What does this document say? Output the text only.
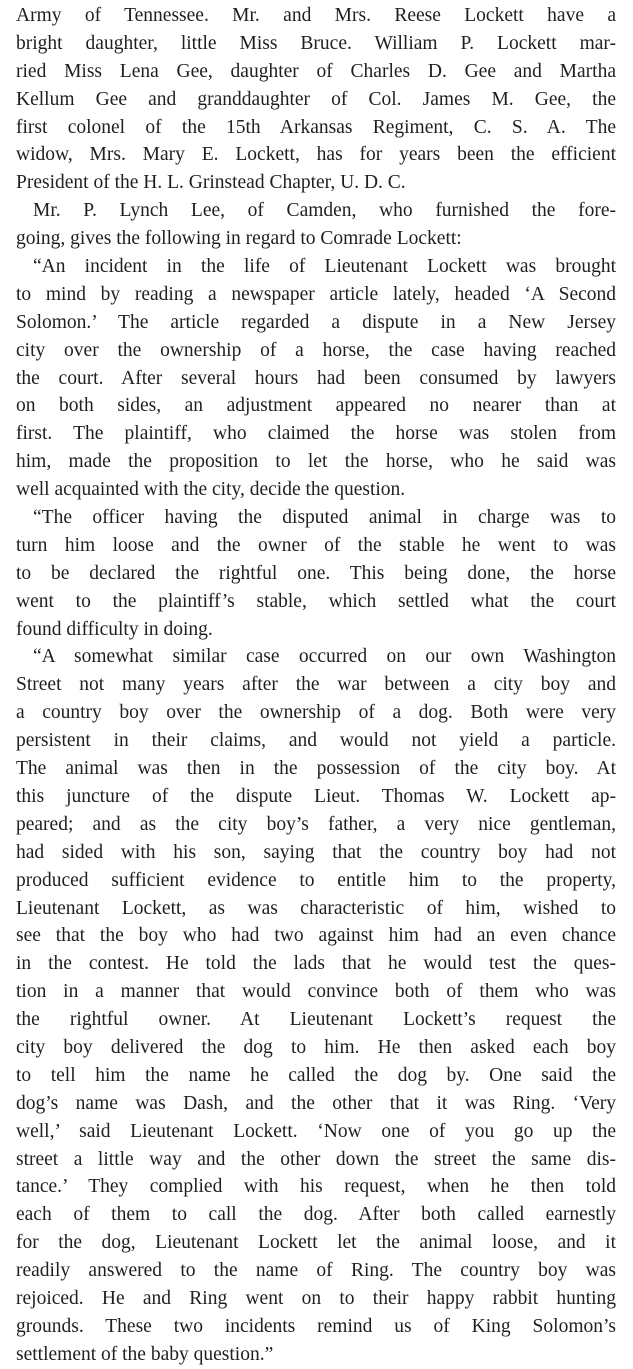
Army of Tennessee. Mr. and Mrs. Reese Lockett have a
bright daughter, little Miss Bruce. William P. Lockett mar-
ried Miss Lena Gee, daughter of Charles D. Gee and Martha
Kellum Gee and granddaughter of Col. James M. Gee, the
first colonel of the 15th Arkansas Regiment, C. S. A. The
widow, Mrs. Mary E. Lockett, has for years been the efficient
President of the H. L. Grinstead Chapter, U. D. C.
Mr. P. Lynch Lee, of Camden, who furnished the fore-
going, gives the following in regard to Comrade Lockett:
“An incident in the life of Lieutenant Lockett was brought
to mind by reading a newspaper article lately, headed ‘A Second
Solomon.’ The article regarded a dispute in a New Jersey
city over the ownership of a horse, the case having reached
the court. After several hours had been consumed by lawyers
on both sides, an adjustment appeared no nearer than at
first. The plaintiff, who claimed the horse was stolen from
him, made the proposition to let the horse, who he said was
well acquainted with the city, decide the question.
“The officer having the disputed animal in charge was to
turn him loose and the owner of the stable he went to was
to be declared the rightful one. This being done, the horse
went to the plaintiff’s stable, which settled what the court
found difficulty in doing.
“A somewhat similar case occurred on our own Washington
Street not many years after the war between a city boy and
a country boy over the ownership of a dog. Both were very
persistent in their claims, and would not yield a particle.
The animal was then in the possession of the city boy. At
this juncture of the dispute Lieut. Thomas W. Lockett ap-
peared; and as the city boy’s father, a very nice gentleman,
had sided with his son, saying that the country boy had not
produced sufficient evidence to entitle him to the property,
Lieutenant Lockett, as was characteristic of him, wished to
see that the boy who had two against him had an even chance
in the contest. He told the lads that he would test the ques-
tion in a manner that would convince both of them who was
the rightful owner. At Lieutenant Lockett’s request the
city boy delivered the dog to him. He then asked each boy
to tell him the name he called the dog by. One said the
dog’s name was Dash, and the other that it was Ring. ‘Very
well,’ said Lieutenant Lockett. ‘Now one of you go up the
street a little way and the other down the street the same dis-
tance.’ They complied with his request, when he then told
each of them to call the dog. After both called earnestly
for the dog, Lieutenant Lockett let the animal loose, and it
readily answered to the name of Ring. The country boy was
rejoiced. He and Ring went on to their happy rabbit hunting
grounds. These two incidents remind us of King Solomon’s
settlement of the baby question.”
